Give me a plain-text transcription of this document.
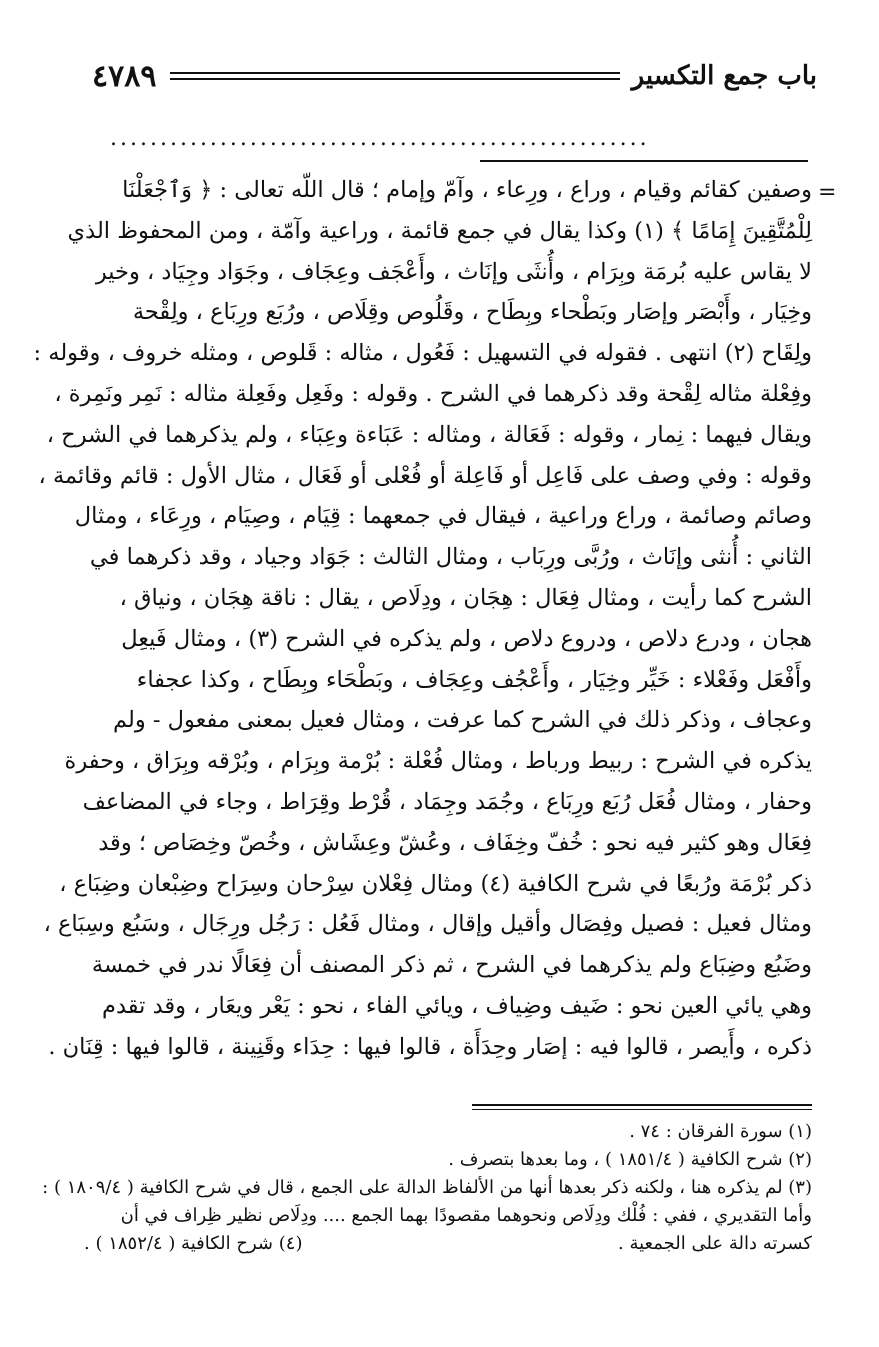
باب جمع التكسير
٤٧٨٩
......................................................
=
وصفين كقائم وقيام ، وراع ، ورِعاء ، وآمّ وإمام ؛ قال اللّه تعالى : ﴿ وَٱجْعَلْنَا
لِلْمُتَّقِينَ إِمَامًا ﴾ (١) وكذا يقال في جمع قائمة ، وراعية وآمّة ، ومن المحفوظ الذي
لا يقاس عليه بُرمَة وبِرَام ، وأُنثَى وإنَاث ، وأَعْجَف وعِجَاف ، وجَوَاد وجِيَاد ، وخير
وخِيَار ، وأَبْصَر وإصَار وبَطْحاء وبِطَاح ، وقَلُوص وقِلَاص ، ورُبَع ورِبَاع ، ولِقْحة
ولِقَاح (٢) انتهى . فقوله في التسهيل : فَعُول ، مثاله : قَلوص ، ومثله خروف ، وقوله :
وفِعْلة مثاله لِقْحة وقد ذكرهما في الشرح . وقوله : وفَعِل وفَعِلة مثاله : نَمِر ونَمِرة ،
ويقال فيهما : نِمار ، وقوله : فَعَالة ، ومثاله : عَبَاءة وعِبَاء ، ولم يذكرهما في الشرح ،
وقوله : وفي وصف على فَاعِل أو فَاعِلة أو فُعْلى أو فَعَال ، مثال الأول : قائم وقائمة ،
وصائم وصائمة ، وراع وراعية ، فيقال في جمعهما : قِيَام ، وصِيَام ، ورِعَاء ، ومثال
الثاني : أُنثى وإنَاث ، ورُبَّى ورِبَاب ، ومثال الثالث : جَوَاد وجياد ، وقد ذكرهما في
الشرح كما رأيت ، ومثال فِعَال : هِجَان ، ودِلَاص ، يقال : ناقة هِجَان ، ونياق ،
هجان ، ودرع دلاص ، ودروع دلاص ، ولم يذكره في الشرح (٣) ، ومثال فَيعِل
وأَفْعَل وفَعْلاء : خَيِّر وخِيَار ، وأَعْجُف وعِجَاف ، وبَطْحَاء وبِطَاح ، وكذا عجفاء
وعجاف ، وذكر ذلك في الشرح كما عرفت ، ومثال فعيل بمعنى مفعول - ولم
يذكره في الشرح : ربيط ورباط ، ومثال فُعْلة : بُرْمة وبِرَام ، وبُرْقه وبِرَاق ، وحفرة
وحفار ، ومثال فُعَل رُبَع ورِبَاع ، وجُمَد وجِمَاد ، قُرْط وقِرَاط ، وجاء في المضاعف
فِعَال وهو كثير فيه نحو : خُفّ وخِفَاف ، وعُشّ وعِشَاش ، وخُصّ وخِصَاص ؛ وقد
ذكر بُرْمَة ورُبعًا في شرح الكافية (٤) ومثال فِعْلان سِرْحان وسِرَاح وضِبْعان وضِبَاع ،
ومثال فعيل : فصيل وفِصَال وأقيل وإقال ، ومثال فَعُل : رَجُل ورِجَال ، وسَبُع وسِبَاع ،
وضَبُع وضِبَاع ولم يذكرهما في الشرح ، ثم ذكر المصنف أن فِعَالًا ندر في خمسة
وهي يائي العين نحو : ضَيف وضِياف ، ويائي الفاء ، نحو : يَعْر ويعَار ، وقد تقدم
ذكره ، وأَيصر ، قالوا فيه : إصَار وحِدَأَة ، قالوا فيها : حِدَاء وقَنِينة ، قالوا فيها : قِنَان .
(١) سورة الفرقان : ٧٤ .
(٢) شرح الكافية ( ١٨٥١/٤ ) ، وما بعدها بتصرف .
(٣) لم يذكره هنا ، ولكنه ذكر بعدها أنها من الألفاظ الدالة على الجمع ، قال في شرح الكافية ( ١٨٠٩/٤ ) :
وأما التقديري ، ففي : فُلْك ودِلَاص ونحوهما مقصودًا بهما الجمع .... ودِلَاص نظير ظِراف في أن
كسرته دالة على الجمعية .
(٤) شرح الكافية ( ١٨٥٢/٤ ) .
